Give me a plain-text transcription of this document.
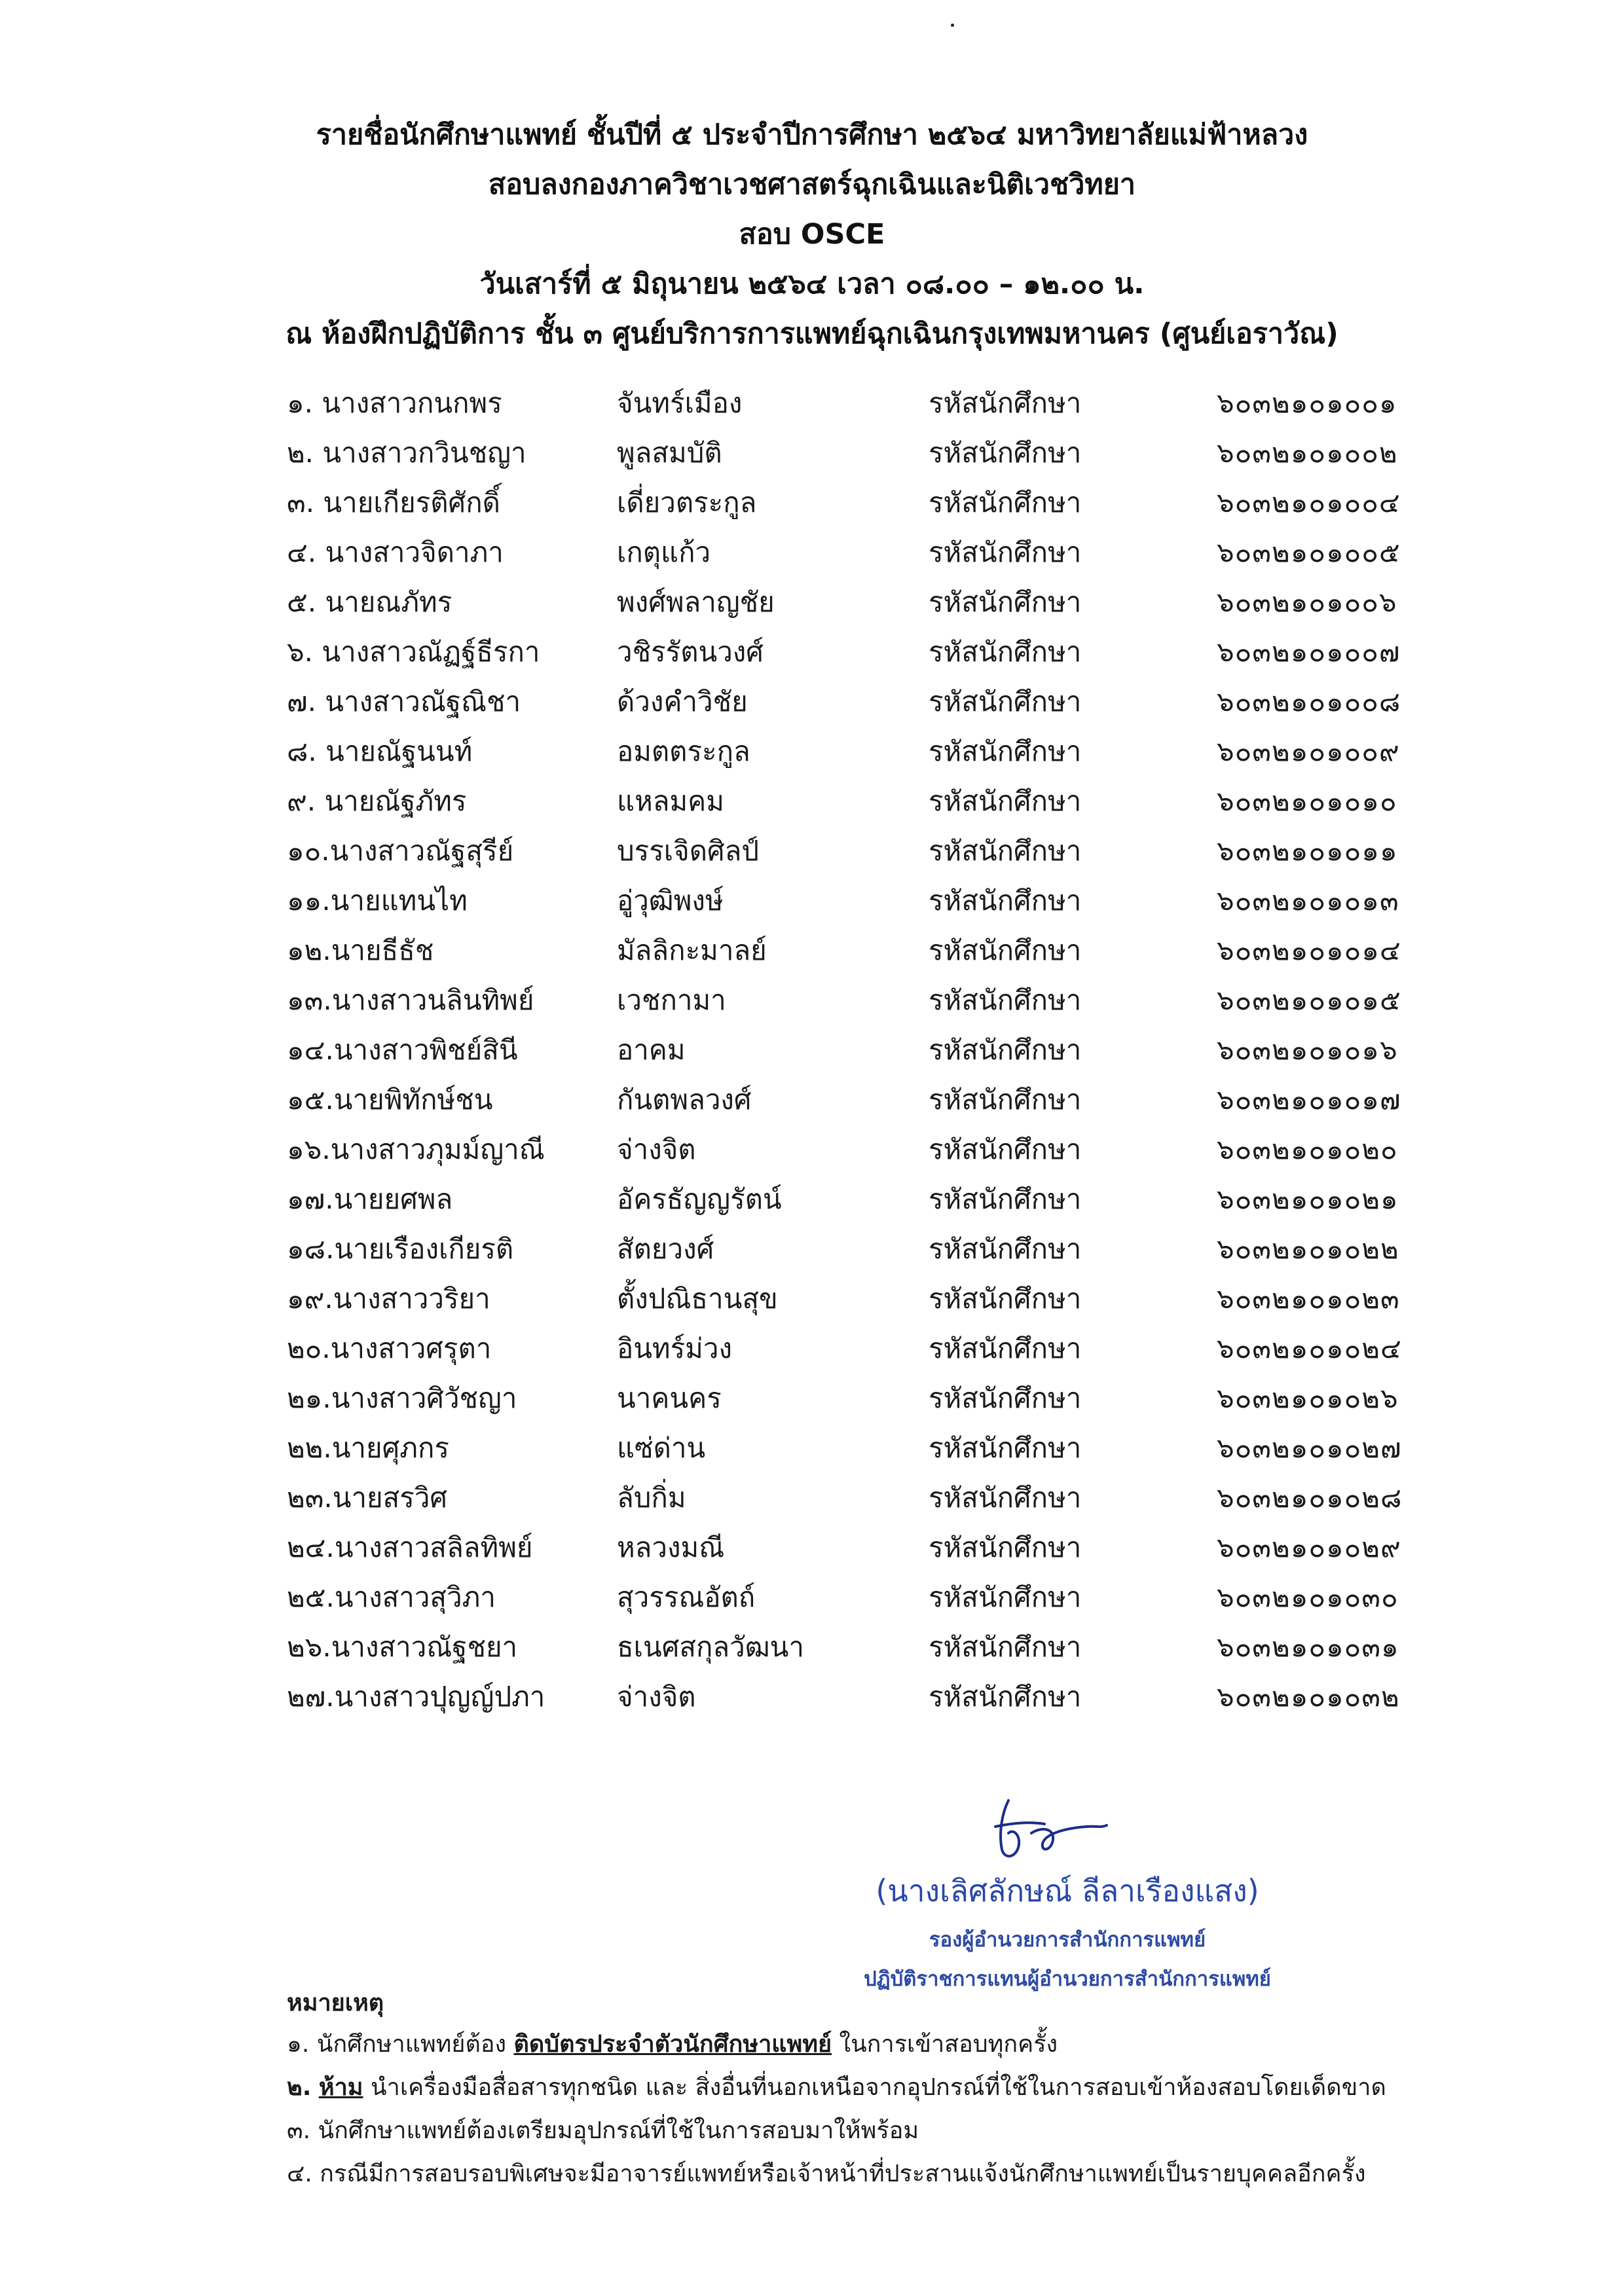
รายชื่อนักศึกษาแพทย์ ชั้นปีที่ ๕ ประจำปีการศึกษา ๒๕๖๔ มหาวิทยาลัยแม่ฟ้าหลวง
สอบลงกองภาควิชาเวชศาสตร์ฉุกเฉินและนิติเวชวิทยา
สอบ OSCE
วันเสาร์ที่ ๕ มิถุนายน ๒๕๖๔ เวลา ๐๘.๐๐ – ๑๒.๐๐ น.
ณ ห้องฝึกปฏิบัติการ ชั้น ๓ ศูนย์บริการการแพทย์ฉุกเฉินกรุงเทพมหานคร (ศูนย์เอราวัณ)
๑. นางสาวกนกพร	จันทร์เมือง	รหัสนักศึกษา	๖๐๓๒๑๐๑๐๐๑
๒. นางสาวกวินชญา	พูลสมบัติ	รหัสนักศึกษา	๖๐๓๒๑๐๑๐๐๒
๓. นายเกียรติศักดิ์	เดี่ยวตระกูล	รหัสนักศึกษา	๖๐๓๒๑๐๑๐๐๔
๔. นางสาวจิดาภา	เกตุแก้ว	รหัสนักศึกษา	๖๐๓๒๑๐๑๐๐๕
๕. นายณภัทร	พงศ์พลาญชัย	รหัสนักศึกษา	๖๐๓๒๑๐๑๐๐๖
๖. นางสาวณัฏฐ์ธีรกา	วชิรรัตนวงศ์	รหัสนักศึกษา	๖๐๓๒๑๐๑๐๐๗
๗. นางสาวณัฐณิชา	ด้วงคำวิชัย	รหัสนักศึกษา	๖๐๓๒๑๐๑๐๐๘
๘. นายณัฐนนท์	อมตตระกูล	รหัสนักศึกษา	๖๐๓๒๑๐๑๐๐๙
๙. นายณัฐภัทร	แหลมคม	รหัสนักศึกษา	๖๐๓๒๑๐๑๐๑๐
๑๐.นางสาวณัฐสุรีย์	บรรเจิดศิลป์	รหัสนักศึกษา	๖๐๓๒๑๐๑๐๑๑
๑๑.นายแทนไท	อู่วุฒิพงษ์	รหัสนักศึกษา	๖๐๓๒๑๐๑๐๑๓
๑๒.นายธีธัช	มัลลิกะมาลย์	รหัสนักศึกษา	๖๐๓๒๑๐๑๐๑๔
๑๓.นางสาวนลินทิพย์	เวชกามา	รหัสนักศึกษา	๖๐๓๒๑๐๑๐๑๕
๑๔.นางสาวพิชย์สินี	อาคม	รหัสนักศึกษา	๖๐๓๒๑๐๑๐๑๖
๑๕.นายพิทักษ์ชน	กันตพลวงศ์	รหัสนักศึกษา	๖๐๓๒๑๐๑๐๑๗
๑๖.นางสาวภุมม์ญาณี	จ่างจิต	รหัสนักศึกษา	๖๐๓๒๑๐๑๐๒๐
๑๗.นายยศพล	อัครธัญญรัตน์	รหัสนักศึกษา	๖๐๓๒๑๐๑๐๒๑
๑๘.นายเรืองเกียรติ	สัตยวงศ์	รหัสนักศึกษา	๖๐๓๒๑๐๑๐๒๒
๑๙.นางสาววริยา	ตั้งปณิธานสุข	รหัสนักศึกษา	๖๐๓๒๑๐๑๐๒๓
๒๐.นางสาวศรุตา	อินทร์ม่วง	รหัสนักศึกษา	๖๐๓๒๑๐๑๐๒๔
๒๑.นางสาวศิวัชญา	นาคนคร	รหัสนักศึกษา	๖๐๓๒๑๐๑๐๒๖
๒๒.นายศุภกร	แซ่ด่าน	รหัสนักศึกษา	๖๐๓๒๑๐๑๐๒๗
๒๓.นายสรวิศ	ลับกิ่ม	รหัสนักศึกษา	๖๐๓๒๑๐๑๐๒๘
๒๔.นางสาวสลิลทิพย์	หลวงมณี	รหัสนักศึกษา	๖๐๓๒๑๐๑๐๒๙
๒๕.นางสาวสุวิภา	สุวรรณอัตถ์	รหัสนักศึกษา	๖๐๓๒๑๐๑๐๓๐
๒๖.นางสาวณัฐชยา	ธเนศสกุลวัฒนา	รหัสนักศึกษา	๖๐๓๒๑๐๑๐๓๑
๒๗.นางสาวปุญญ์ปภา	จ่างจิต	รหัสนักศึกษา	๖๐๓๒๑๐๑๐๓๒
(นางเลิศลักษณ์ ลีลาเรืองแสง)
รองผู้อำนวยการสำนักการแพทย์
ปฏิบัติราชการแทนผู้อำนวยการสำนักการแพทย์
หมายเหตุ
๑. นักศึกษาแพทย์ต้อง ติดบัตรประจำตัวนักศึกษาแพทย์ ในการเข้าสอบทุกครั้ง
๒. ห้าม นำเครื่องมือสื่อสารทุกชนิด และ สิ่งอื่นที่นอกเหนือจากอุปกรณ์ที่ใช้ในการสอบเข้าห้องสอบโดยเด็ดขาด
๓. นักศึกษาแพทย์ต้องเตรียมอุปกรณ์ที่ใช้ในการสอบมาให้พร้อม
๔. กรณีมีการสอบรอบพิเศษจะมีอาจารย์แพทย์หรือเจ้าหน้าที่ประสานแจ้งนักศึกษาแพทย์เป็นรายบุคคลอีกครั้ง
